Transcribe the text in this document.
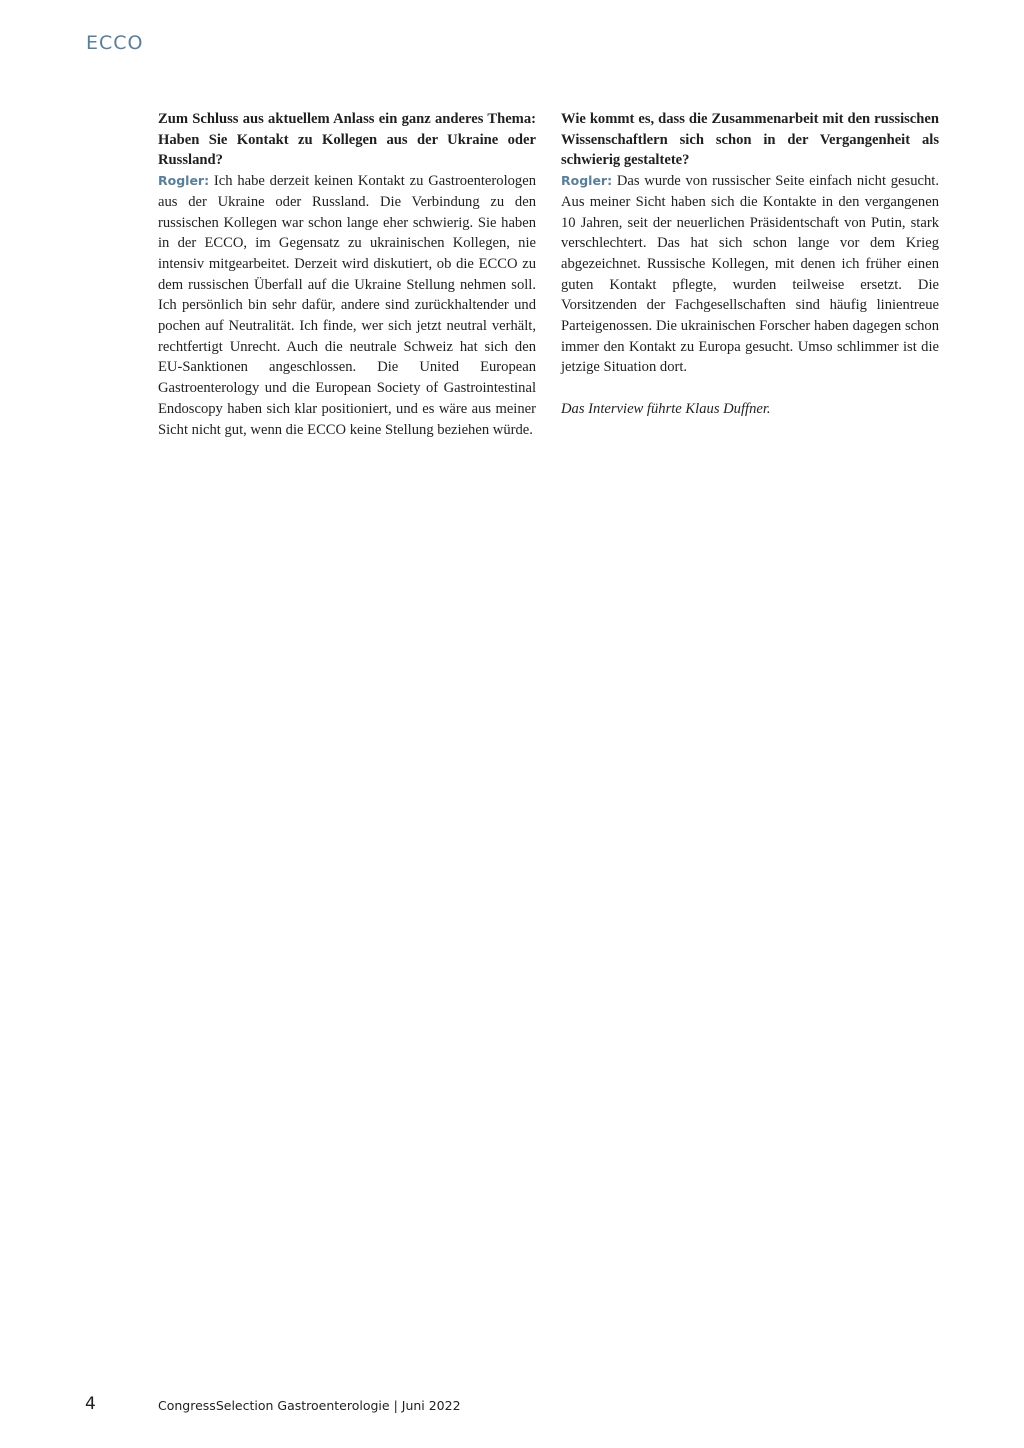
ECCO

Zum Schluss aus aktuellem Anlass ein ganz anderes Thema: Haben Sie Kontakt zu Kollegen aus der Ukraine oder Russland?

Rogler: Ich habe derzeit keinen Kontakt zu Gastroenterologen aus der Ukraine oder Russland. Die Verbindung zu den russischen Kollegen war schon lange eher schwierig. Sie haben in der ECCO, im Gegensatz zu ukrainischen Kollegen, nie intensiv mitgearbeitet. Derzeit wird diskutiert, ob die ECCO zu dem russischen Überfall auf die Ukraine Stellung nehmen soll. Ich persönlich bin sehr dafür, andere sind zurückhaltender und pochen auf Neutralität. Ich finde, wer sich jetzt neutral verhält, rechtfertigt Unrecht. Auch die neutrale Schweiz hat sich den EU-Sanktionen angeschlossen. Die United European Gastroenterology und die European Society of Gastrointestinal Endoscopy haben sich klar positioniert, und es wäre aus meiner Sicht nicht gut, wenn die ECCO keine Stellung beziehen würde.

Wie kommt es, dass die Zusammenarbeit mit den russischen Wissenschaftlern sich schon in der Vergangenheit als schwierig gestaltete?

Rogler: Das wurde von russischer Seite einfach nicht gesucht. Aus meiner Sicht haben sich die Kontakte in den vergangenen 10 Jahren, seit der neuerlichen Präsidentschaft von Putin, stark verschlechtert. Das hat sich schon lange vor dem Krieg abgezeichnet. Russische Kollegen, mit denen ich früher einen guten Kontakt pflegte, wurden teilweise ersetzt. Die Vorsitzenden der Fachgesellschaften sind häufig linientreue Parteigenossen. Die ukrainischen Forscher haben dagegen schon immer den Kontakt zu Europa gesucht. Umso schlimmer ist die jetzige Situation dort.

Das Interview führte Klaus Duffner.

4	CongressSelection Gastroenterologie | Juni 2022
